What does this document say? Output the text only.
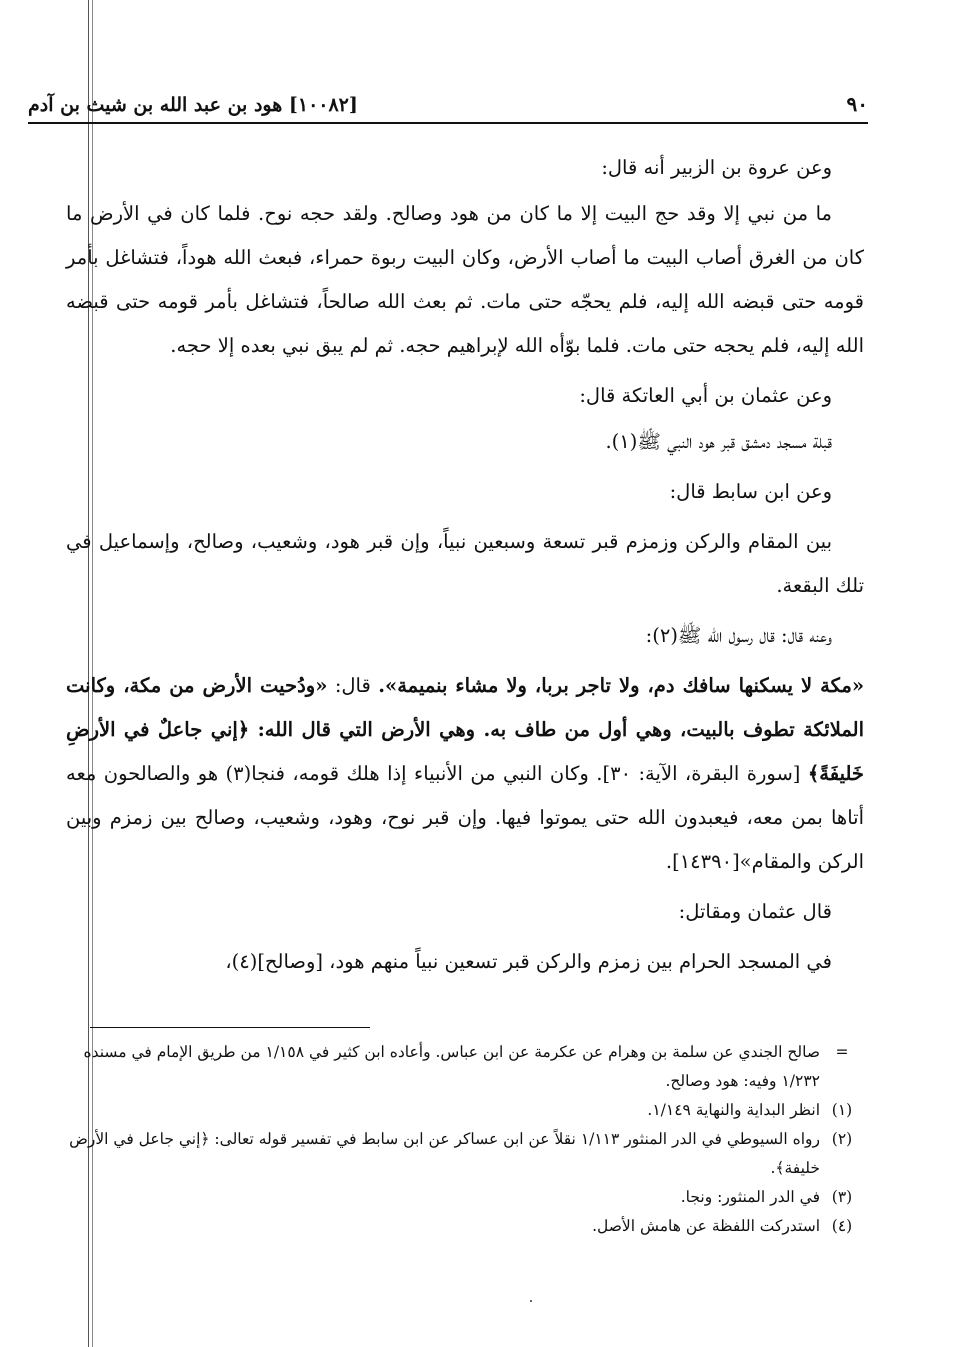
٩٠
[١٠٠٨٢] هود بن عبد الله بن شيث بن آدم

وعن عروة بن الزبير أنه قال:

ما من نبي إلا وقد حج البيت إلا ما كان من هود وصالح. ولقد حجه نوح. فلما كان في الأرض ما كان من الغرق أصاب البيت ما أصاب الأرض، وكان البيت ربوة حمراء، فبعث الله هوداً، فتشاغل بأمر قومه حتى قبضه الله إليه، فلم يحجّه حتى مات. ثم بعث الله صالحاً، فتشاغل بأمر قومه حتى قبضه الله إليه، فلم يحجه حتى مات. فلما بوّأه الله لإبراهيم حجه. ثم لم يبق نبي بعده إلا حجه.

وعن عثمان بن أبي العاتكة قال:

قبلة مسجد دمشق قبر هود النبي ﷺ(١).

وعن ابن سابط قال:

بين المقام والركن وزمزم قبر تسعة وسبعين نبياً، وإن قبر هود، وشعيب، وصالح، وإسماعيل في تلك البقعة.

وعنه قال: قال رسول الله ﷺ(٢):

«مكة لا يسكنها سافك دم، ولا تاجر بربا، ولا مشاء بنميمة». قال: «ودُحيت الأرض من مكة، وكانت الملائكة تطوف بالبيت، وهي أول من طاف به. وهي الأرض التي قال الله: ﴿إني جاعلٌ في الأرضِ خَليفَةً﴾ [سورة البقرة، الآية: ٣٠]. وكان النبي من الأنبياء إذا هلك قومه، فنجا(٣) هو والصالحون معه أتاها بمن معه، فيعبدون الله حتى يموتوا فيها. وإن قبر نوح، وهود، وشعيب، وصالح بين زمزم وبين الركن والمقام»[١٤٣٩٠].

قال عثمان ومقاتل:

في المسجد الحرام بين زمزم والركن قبر تسعين نبياً منهم هود، [وصالح](٤)،

=
صالح الجندي عن سلمة بن وهرام عن عكرمة عن ابن عباس. وأعاده ابن كثير في ١/١٥٨ من طريق الإمام في مسنده ١/٢٣٢ وفيه: هود وصالح.
(١)
انظر البداية والنهاية ١/١٤٩.
(٢)
رواه السيوطي في الدر المنثور ١/١١٣ نقلاً عن ابن عساكر عن ابن سابط في تفسير قوله تعالى: ﴿إني جاعل في الأرض خليفة﴾.
(٣)
في الدر المنثور: ونجا.
(٤)
استدركت اللفظة عن هامش الأصل.
